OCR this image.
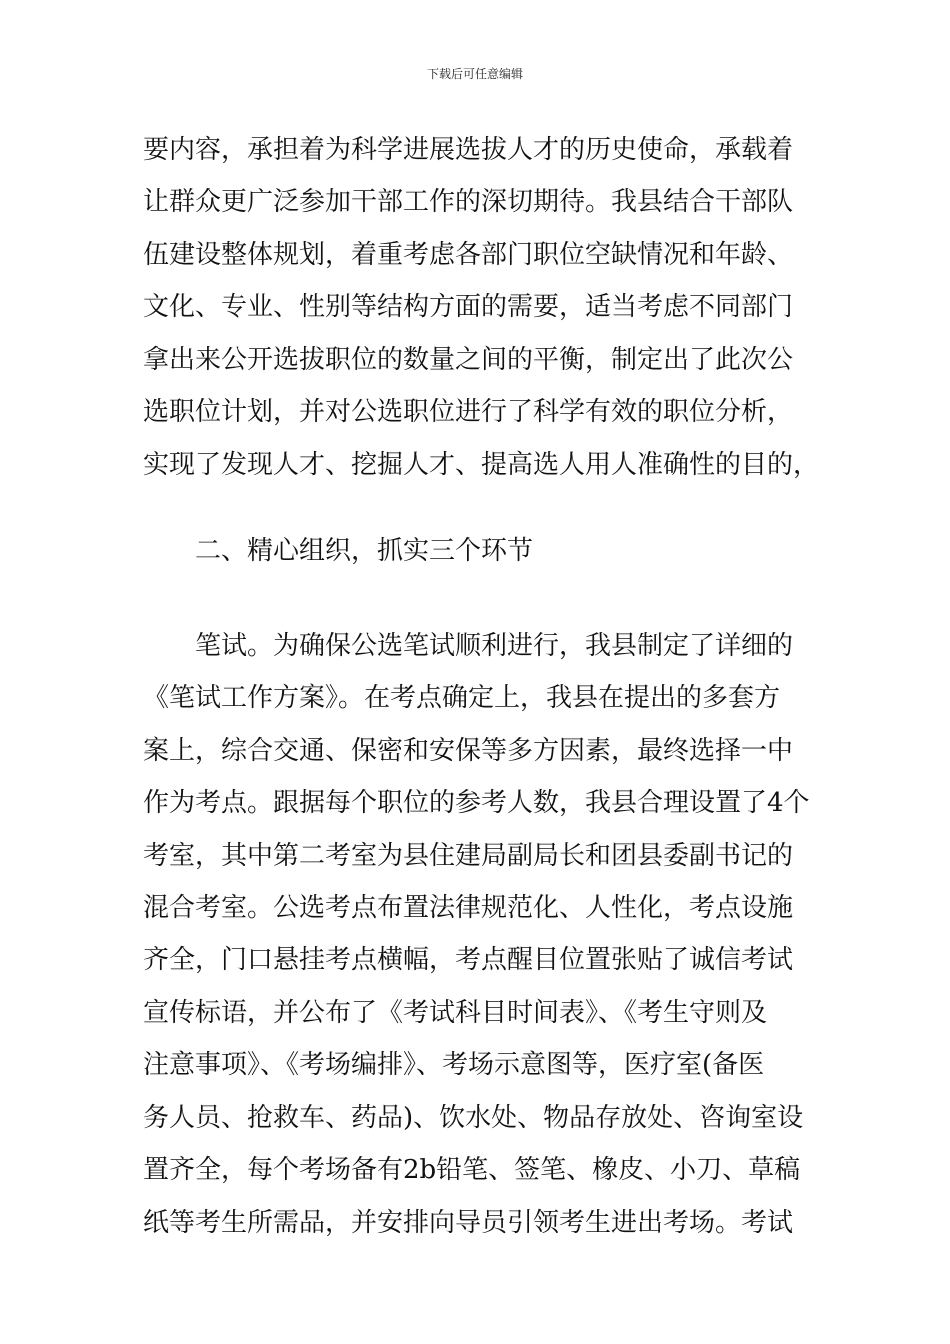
下载后可任意编辑
要内容，承担着为科学进展选拔人才的历史使命，承载着
让群众更广泛参加干部工作的深切期待。我县结合干部队
伍建设整体规划，着重考虑各部门职位空缺情况和年龄、
文化、专业、性别等结构方面的需要，适当考虑不同部门
拿出来公开选拔职位的数量之间的平衡，制定出了此次公
选职位计划，并对公选职位进行了科学有效的职位分析，
实现了发现人才、挖掘人才、提高选人用人准确性的目的，
　　二、精心组织，抓实三个环节
　　笔试。为确保公选笔试顺利进行，我县制定了详细的
《笔试工作方案》。在考点确定上，我县在提出的多套方
案上，综合交通、保密和安保等多方因素，最终选择一中
作为考点。跟据每个职位的参考人数，我县合理设置了4个
考室，其中第二考室为县住建局副局长和团县委副书记的
混合考室。公选考点布置法律规范化、人性化，考点设施
齐全，门口悬挂考点横幅，考点醒目位置张贴了诚信考试
宣传标语，并公布了《考试科目时间表》、《考生守则及
注意事项》、《考场编排》、考场示意图等，医疗室(备医
务人员、抢救车、药品)、饮水处、物品存放处、咨询室设
置齐全，每个考场备有2b铅笔、签笔、橡皮、小刀、草稿
纸等考生所需品，并安排向导员引领考生进出考场。考试
